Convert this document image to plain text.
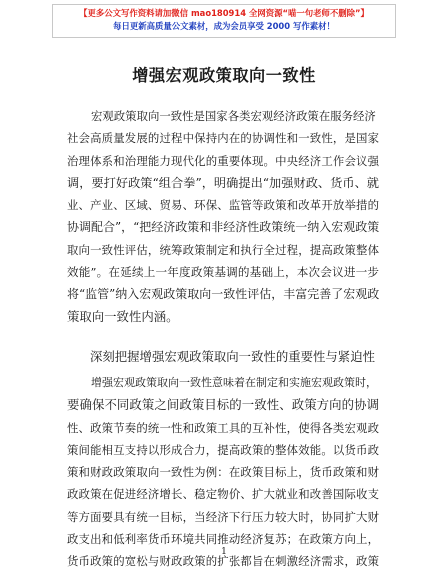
【更多公文写作资料请加微信 mao180914 全网资源“喵一句老师不删除”】
每日更新高质量公文素材，成为会员享受 2000 写作素材！
增强宏观政策取向一致性
宏观政策取向一致性是国家各类宏观经济政策在服务经济
社会高质量发展的过程中保持内在的协调性和一致性，是国家
治理体系和治理能力现代化的重要体现。中央经济工作会议强
调，要打好政策“组合拳”，明确提出“加强财政、货币、就
业、产业、区域、贸易、环保、监管等政策和改革开放举措的
协调配合”，“把经济政策和非经济性政策统一纳入宏观政策
取向一致性评估，统筹政策制定和执行全过程，提高政策整体
效能”。在延续上一年度政策基调的基础上，本次会议进一步
将“监管”纳入宏观政策取向一致性评估，丰富完善了宏观政
策取向一致性内涵。
深刻把握增强宏观政策取向一致性的重要性与紧迫性
增强宏观政策取向一致性意味着在制定和实施宏观政策时，
要确保不同政策之间政策目标的一致性、政策方向的协调
性、政策节奏的统一性和政策工具的互补性，使得各类宏观政
策间能相互支持以形成合力，提高政策的整体效能。以货币政
策和财政政策取向一致性为例：在政策目标上，货币政策和财
政政策在促进经济增长、稳定物价、扩大就业和改善国际收支
等方面要具有统一目标，当经济下行压力较大时，协同扩大财
政支出和低利率货币环境共同推动经济复苏；在政策方向上，
货币政策的宽松与财政政策的扩张都旨在刺激经济需求，政策
1
